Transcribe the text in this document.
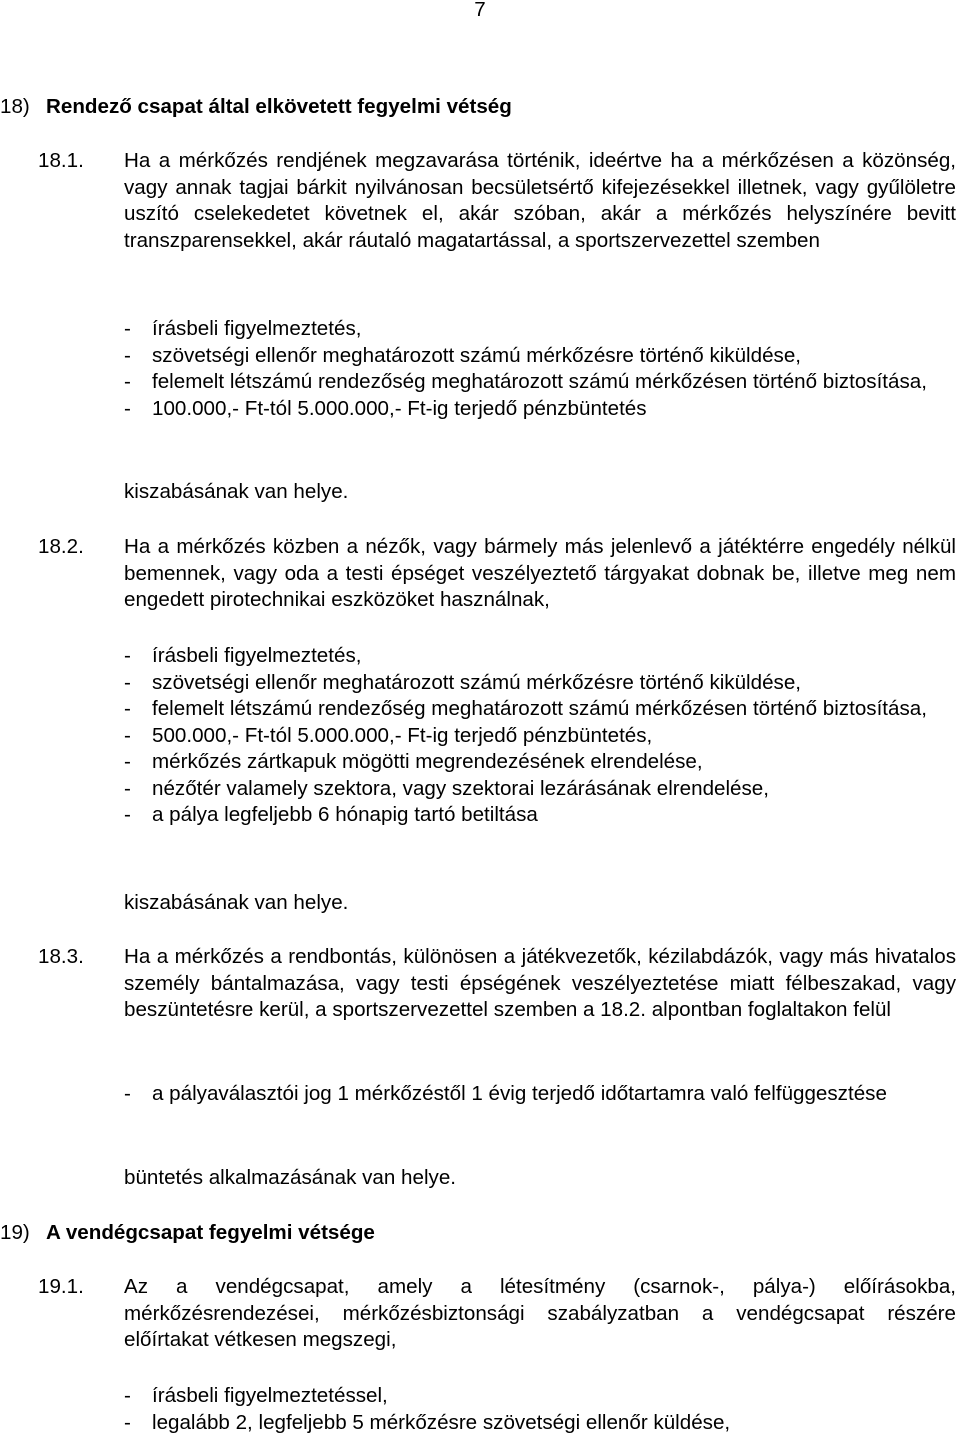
7
18) Rendező csapat által elkövetett fegyelmi vétség
18.1. Ha a mérkőzés rendjének megzavarása történik, ideértve ha a mérkőzésen a közönség, vagy annak tagjai bárkit nyilvánosan becsületsértő kifejezésekkel illetnek, vagy gyűlöletre uszító cselekedetet követnek el, akár szóban, akár a mérkőzés helyszínére bevitt transzparensekkel, akár ráutaló magatartással, a sportszervezettel szemben
- írásbeli figyelmeztetés,
- szövetségi ellenőr meghatározott számú mérkőzésre történő kiküldése,
- felemelt létszámú rendezőség meghatározott számú mérkőzésen történő biztosítása,
- 100.000,- Ft-tól 5.000.000,- Ft-ig terjedő pénzbüntetés
kiszabásának van helye.
18.2. Ha a mérkőzés közben a nézők, vagy bármely más jelenlevő a játéktérre engedély nélkül bemennek, vagy oda a testi épséget veszélyeztető tárgyakat dobnak be, illetve meg nem engedett pirotechnikai eszközöket használnak,
- írásbeli figyelmeztetés,
- szövetségi ellenőr meghatározott számú mérkőzésre történő kiküldése,
- felemelt létszámú rendezőség meghatározott számú mérkőzésen történő biztosítása,
- 500.000,- Ft-tól 5.000.000,- Ft-ig terjedő pénzbüntetés,
- mérkőzés zártkapuk mögötti megrendezésének elrendelése,
- nézőtér valamely szektora, vagy szektorai lezárásának elrendelése,
- a pálya legfeljebb 6 hónapig tartó betiltása
kiszabásának van helye.
18.3. Ha a mérkőzés a rendbontás, különösen a játékvezetők, kézilabdázók, vagy más hivatalos személy bántalmazása, vagy testi épségének veszélyeztetése miatt félbeszakad, vagy beszüntetésre kerül, a sportszervezettel szemben a 18.2. alpontban foglaltakon felül
- a pályaválasztói jog 1 mérkőzéstől 1 évig terjedő időtartamra való felfüggesztése
büntetés alkalmazásának van helye.
19) A vendégcsapat fegyelmi vétsége
19.1. Az a vendégcsapat, amely a létesítmény (csarnok-, pálya-) előírásokba, mérkőzésrendezései, mérkőzésbiztonsági szabályzatban a vendégcsapat részére előírtakat vétkesen megszegi,
- írásbeli figyelmeztetéssel,
- legalább 2, legfeljebb 5 mérkőzésre szövetségi ellenőr küldése,
